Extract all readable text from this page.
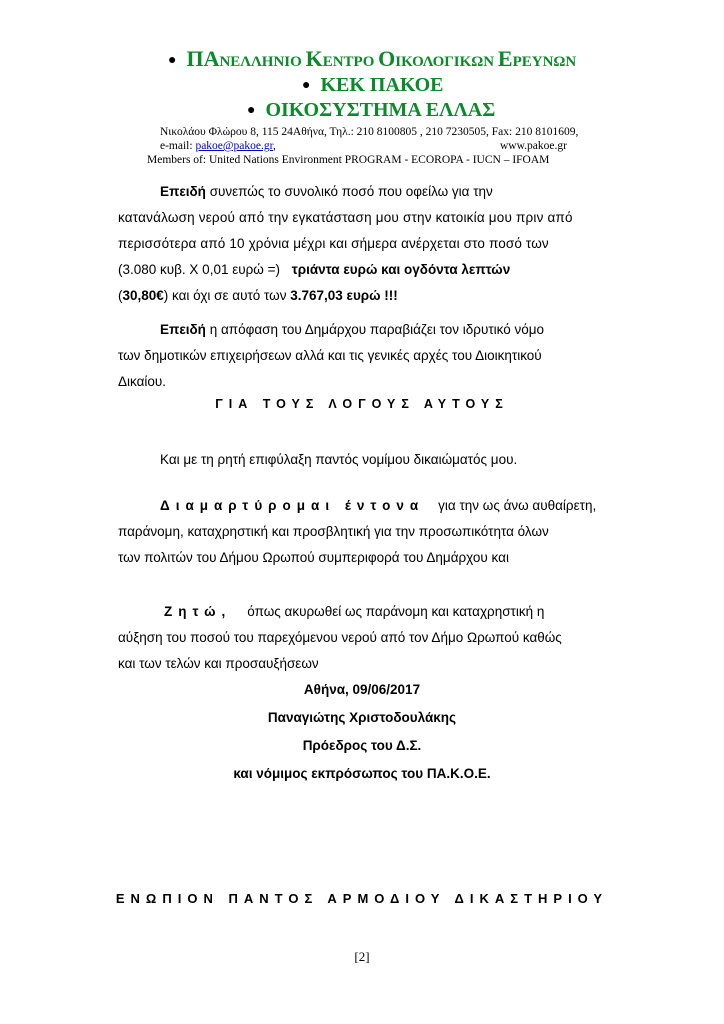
● ΠΑΝΕΛΛΗΝΙΟ ΚΕΝΤΡΟ ΟΙΚΟΛΟΓΙΚΩΝ ΕΡΕΥΝΩΝ
● ΚΕΚ ΠΑΚΟΕ
● ΟΙΚΟΣΥΣΤΗΜΑ ΕΛΛΑΣ
Νικολάου Φλώρου 8, 115 24Αθήνα, Τηλ.: 210 8100805 , 210 7230505, Fax: 210 8101609,
e-mail: pakoe@pakoe.gr,	www.pakoe.gr
Members of: United Nations Environment PROGRAM - ECOROPA - IUCN – IFOAM
Επειδή συνεπώς το συνολικό ποσό που οφείλω για την
κατανάλωση νερού από την εγκατάσταση μου στην κατοικία μου πριν από
περισσότερα από 10 χρόνια μέχρι και σήμερα ανέρχεται στο ποσό των
(3.080 κυβ. Χ 0,01 ευρώ =) τριάντα ευρώ και ογδόντα λεπτών
(30,80€) και όχι σε αυτό των 3.767,03 ευρώ !!!
Επειδή η απόφαση του Δημάρχου παραβιάζει τον ιδρυτικό νόμο
των δημοτικών επιχειρήσεων αλλά και τις γενικές αρχές του Διοικητικού
Δικαίου.
ΓΙΑ ΤΟΥΣ ΛΟΓΟΥΣ ΑΥΤΟΥΣ
Και με τη ρητή επιφύλαξη παντός νομίμου δικαιώματός μου.
Διαμαρτύρομαι έντονα για την ως άνω αυθαίρετη,
παράνομη, καταχρηστική και προσβλητική για την προσωπικότητα όλων
των πολιτών του Δήμου Ωρωπού συμπεριφορά του Δημάρχου και
Ζητώ, όπως ακυρωθεί ως παράνομη και καταχρηστική η
αύξηση του ποσού του παρεχόμενου νερού από τον Δήμο Ωρωπού καθώς
και των τελών και προσαυξήσεων
Αθήνα, 09/06/2017
Παναγιώτης Χριστοδουλάκης
Πρόεδρος του Δ.Σ.
και νόμιμος εκπρόσωπος του ΠΑ.Κ.Ο.Ε.
ΕΝΩΠΙΟΝ ΠΑΝΤΟΣ ΑΡΜΟΔΙΟΥ ΔΙΚΑΣΤΗΡΙΟΥ
[2]
